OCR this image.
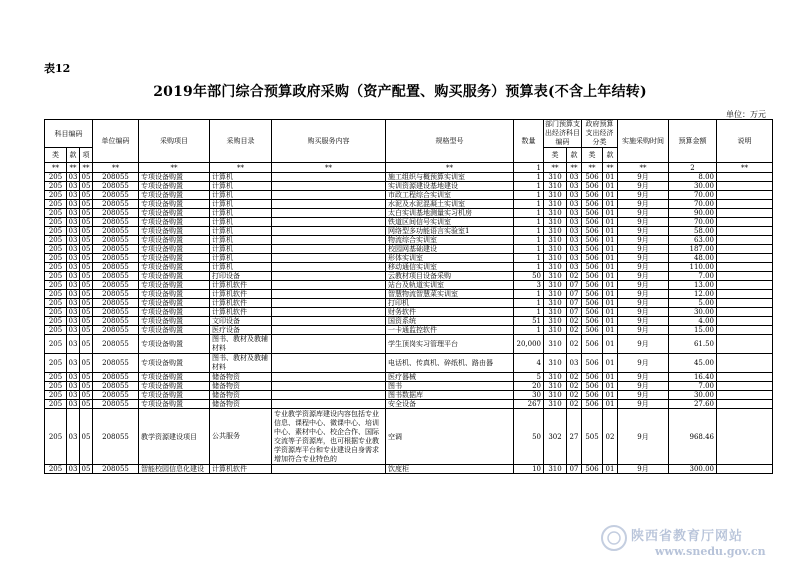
表12
2019年部门综合预算政府采购（资产配置、购买服务）预算表(不含上年结转)
单位：万元
科目编码			单位编码	采购项目	采购目录	购买服务内容	规格型号	数量	部门预算支出经济科目编码		政府预算支出经济分类		实施采购时间	预算金额	说明
类	款	项							类	款	类	款			
**	**	**	**	**	**	**	**	1	**	**	**	**	**	2	**
205	03	05	208055	专项设备购置	计算机		施工组织与概预算实训室	1	310	03	506	01	9月	8.00	
205	03	05	208055	专项设备购置	计算机		实训资源建设基地建设	1	310	03	506	01	9月	30.00	
205	03	05	208055	专项设备购置	计算机		市政工程综合实训室	1	310	03	506	01	9月	70.00	
205	03	05	208055	专项设备购置	计算机		水泥及水泥混凝土实训室	1	310	03	506	01	9月	70.00	
205	03	05	208055	专项设备购置	计算机		太白实训基地测量实习机房	1	310	03	506	01	9月	90.00	
205	03	05	208055	专项设备购置	计算机		铁道区间信号实训室	1	310	03	506	01	9月	70.00	
205	03	05	208055	专项设备购置	计算机		网络型多功能语言实验室1	1	310	03	506	01	9月	58.00	
205	03	05	208055	专项设备购置	计算机		物流综合实训室	1	310	03	506	01	9月	63.00	
205	03	05	208055	专项设备购置	计算机		校园网基础建设	1	310	03	506	01	9月	187.00	
205	03	05	208055	专项设备购置	计算机		形体实训室	1	310	03	506	01	9月	48.00	
205	03	05	208055	专项设备购置	计算机		移动通信实训室	1	310	03	506	01	9月	110.00	
205	03	05	208055	专项设备购置	打印设备		云教材项目设备采购	50	310	02	506	01	9月	7.00	
205	03	05	208055	专项设备购置	计算机软件		站台及轨道实训室	3	310	07	506	01	9月	13.00	
205	03	05	208055	专项设备购置	计算机软件		智慧物流智慧菜实训室	1	310	07	506	01	9月	12.00	
205	03	05	208055	专项设备购置	计算机软件		打印机	1	310	07	506	01	9月	5.00	
205	03	05	208055	专项设备购置	计算机软件		财务软件	1	310	07	506	01	9月	30.00	
205	03	05	208055	专项设备购置	文印设备		国资系统	51	310	02	506	01	9月	4.00	
205	03	05	208055	专项设备购置	医疗设备		一卡通监控软件	1	310	02	506	01	9月	15.00	
205	03	05	208055	专项设备购置	图书、教材及教辅材料		学生顶岗实习管理平台	20,000	310	02	506	01	9月	61.50	
205	03	05	208055	专项设备购置	图书、教材及教辅材料		电话机、传真机、碎纸机、路由器	4	310	03	506	01	9月	45.00	
205	03	05	208055	专项设备购置	储备物资		医疗器械	5	310	02	506	01	9月	16.40	
205	03	05	208055	专项设备购置	储备物资		图书	20	310	02	506	01	9月	7.00	
205	03	05	208055	专项设备购置	储备物资		图书数据库	30	310	02	506	01	9月	30.00	
205	03	05	208055	专项设备购置	储备物资		安全设备	267	310	02	506	01	9月	27.60	
205	03	05	208055	教学资源建设项目	公共服务	专业教学资源库建设内容包括专业信息、课程中心、微课中心、培训中心、素材中心、校企合作、国际交流等子资源库，也可根据专业教学资源库平台和专业建设自身需求增加符合专业特色的	空调	50	302	27	505	02	9月	968.46	
205	03	05	208055	智能校园信息化建设	计算机软件		饮度柜	10	310	07	506	01	9月	300.00	
陕西省教育厅网站
www.snedu.gov.cn
